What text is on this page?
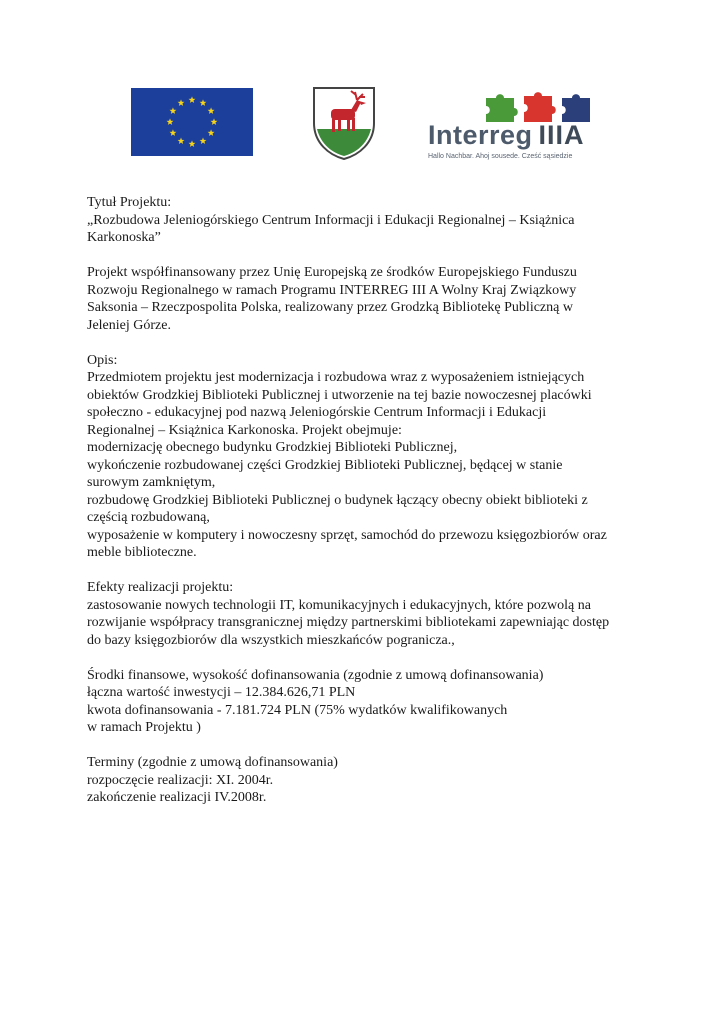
Interreg IIIA
Hallo Nachbar. Ahoj sousede. Cześć sąsiedzie

Tytuł Projektu:
„Rozbudowa Jeleniogórskiego Centrum Informacji i Edukacji Regionalnej – Książnica
Karkonoska”

Projekt współfinansowany przez Unię Europejską ze środków Europejskiego Funduszu
Rozwoju Regionalnego w ramach Programu INTERREG III A Wolny Kraj Związkowy
Saksonia – Rzeczpospolita Polska, realizowany przez Grodzką Bibliotekę Publiczną w
Jeleniej Górze.

Opis:
Przedmiotem projektu jest modernizacja i rozbudowa wraz z wyposażeniem istniejących
obiektów Grodzkiej Biblioteki Publicznej i utworzenie na tej bazie nowoczesnej placówki
społeczno - edukacyjnej pod nazwą Jeleniogórskie Centrum Informacji i Edukacji
Regionalnej – Książnica Karkonoska. Projekt obejmuje:
modernizację obecnego budynku Grodzkiej Biblioteki Publicznej,
wykończenie rozbudowanej części Grodzkiej Biblioteki Publicznej, będącej w stanie
surowym zamkniętym,
rozbudowę Grodzkiej Biblioteki Publicznej o budynek łączący obecny obiekt biblioteki z
częścią rozbudowaną,
wyposażenie w komputery i nowoczesny sprzęt, samochód do przewozu księgozbiorów oraz
meble biblioteczne.

Efekty realizacji projektu:
zastosowanie nowych technologii IT, komunikacyjnych i edukacyjnych, które pozwolą na
rozwijanie współpracy transgranicznej między partnerskimi bibliotekami zapewniając dostęp
do bazy księgozbiorów dla wszystkich mieszkańców pogranicza.,

Środki finansowe, wysokość dofinansowania (zgodnie z umową dofinansowania)
łączna wartość inwestycji – 12.384.626,71 PLN
kwota dofinansowania - 7.181.724 PLN (75% wydatków kwalifikowanych
w ramach Projektu )

Terminy (zgodnie z umową dofinansowania)
rozpoczęcie realizacji: XI. 2004r.
zakończenie realizacji IV.2008r.
